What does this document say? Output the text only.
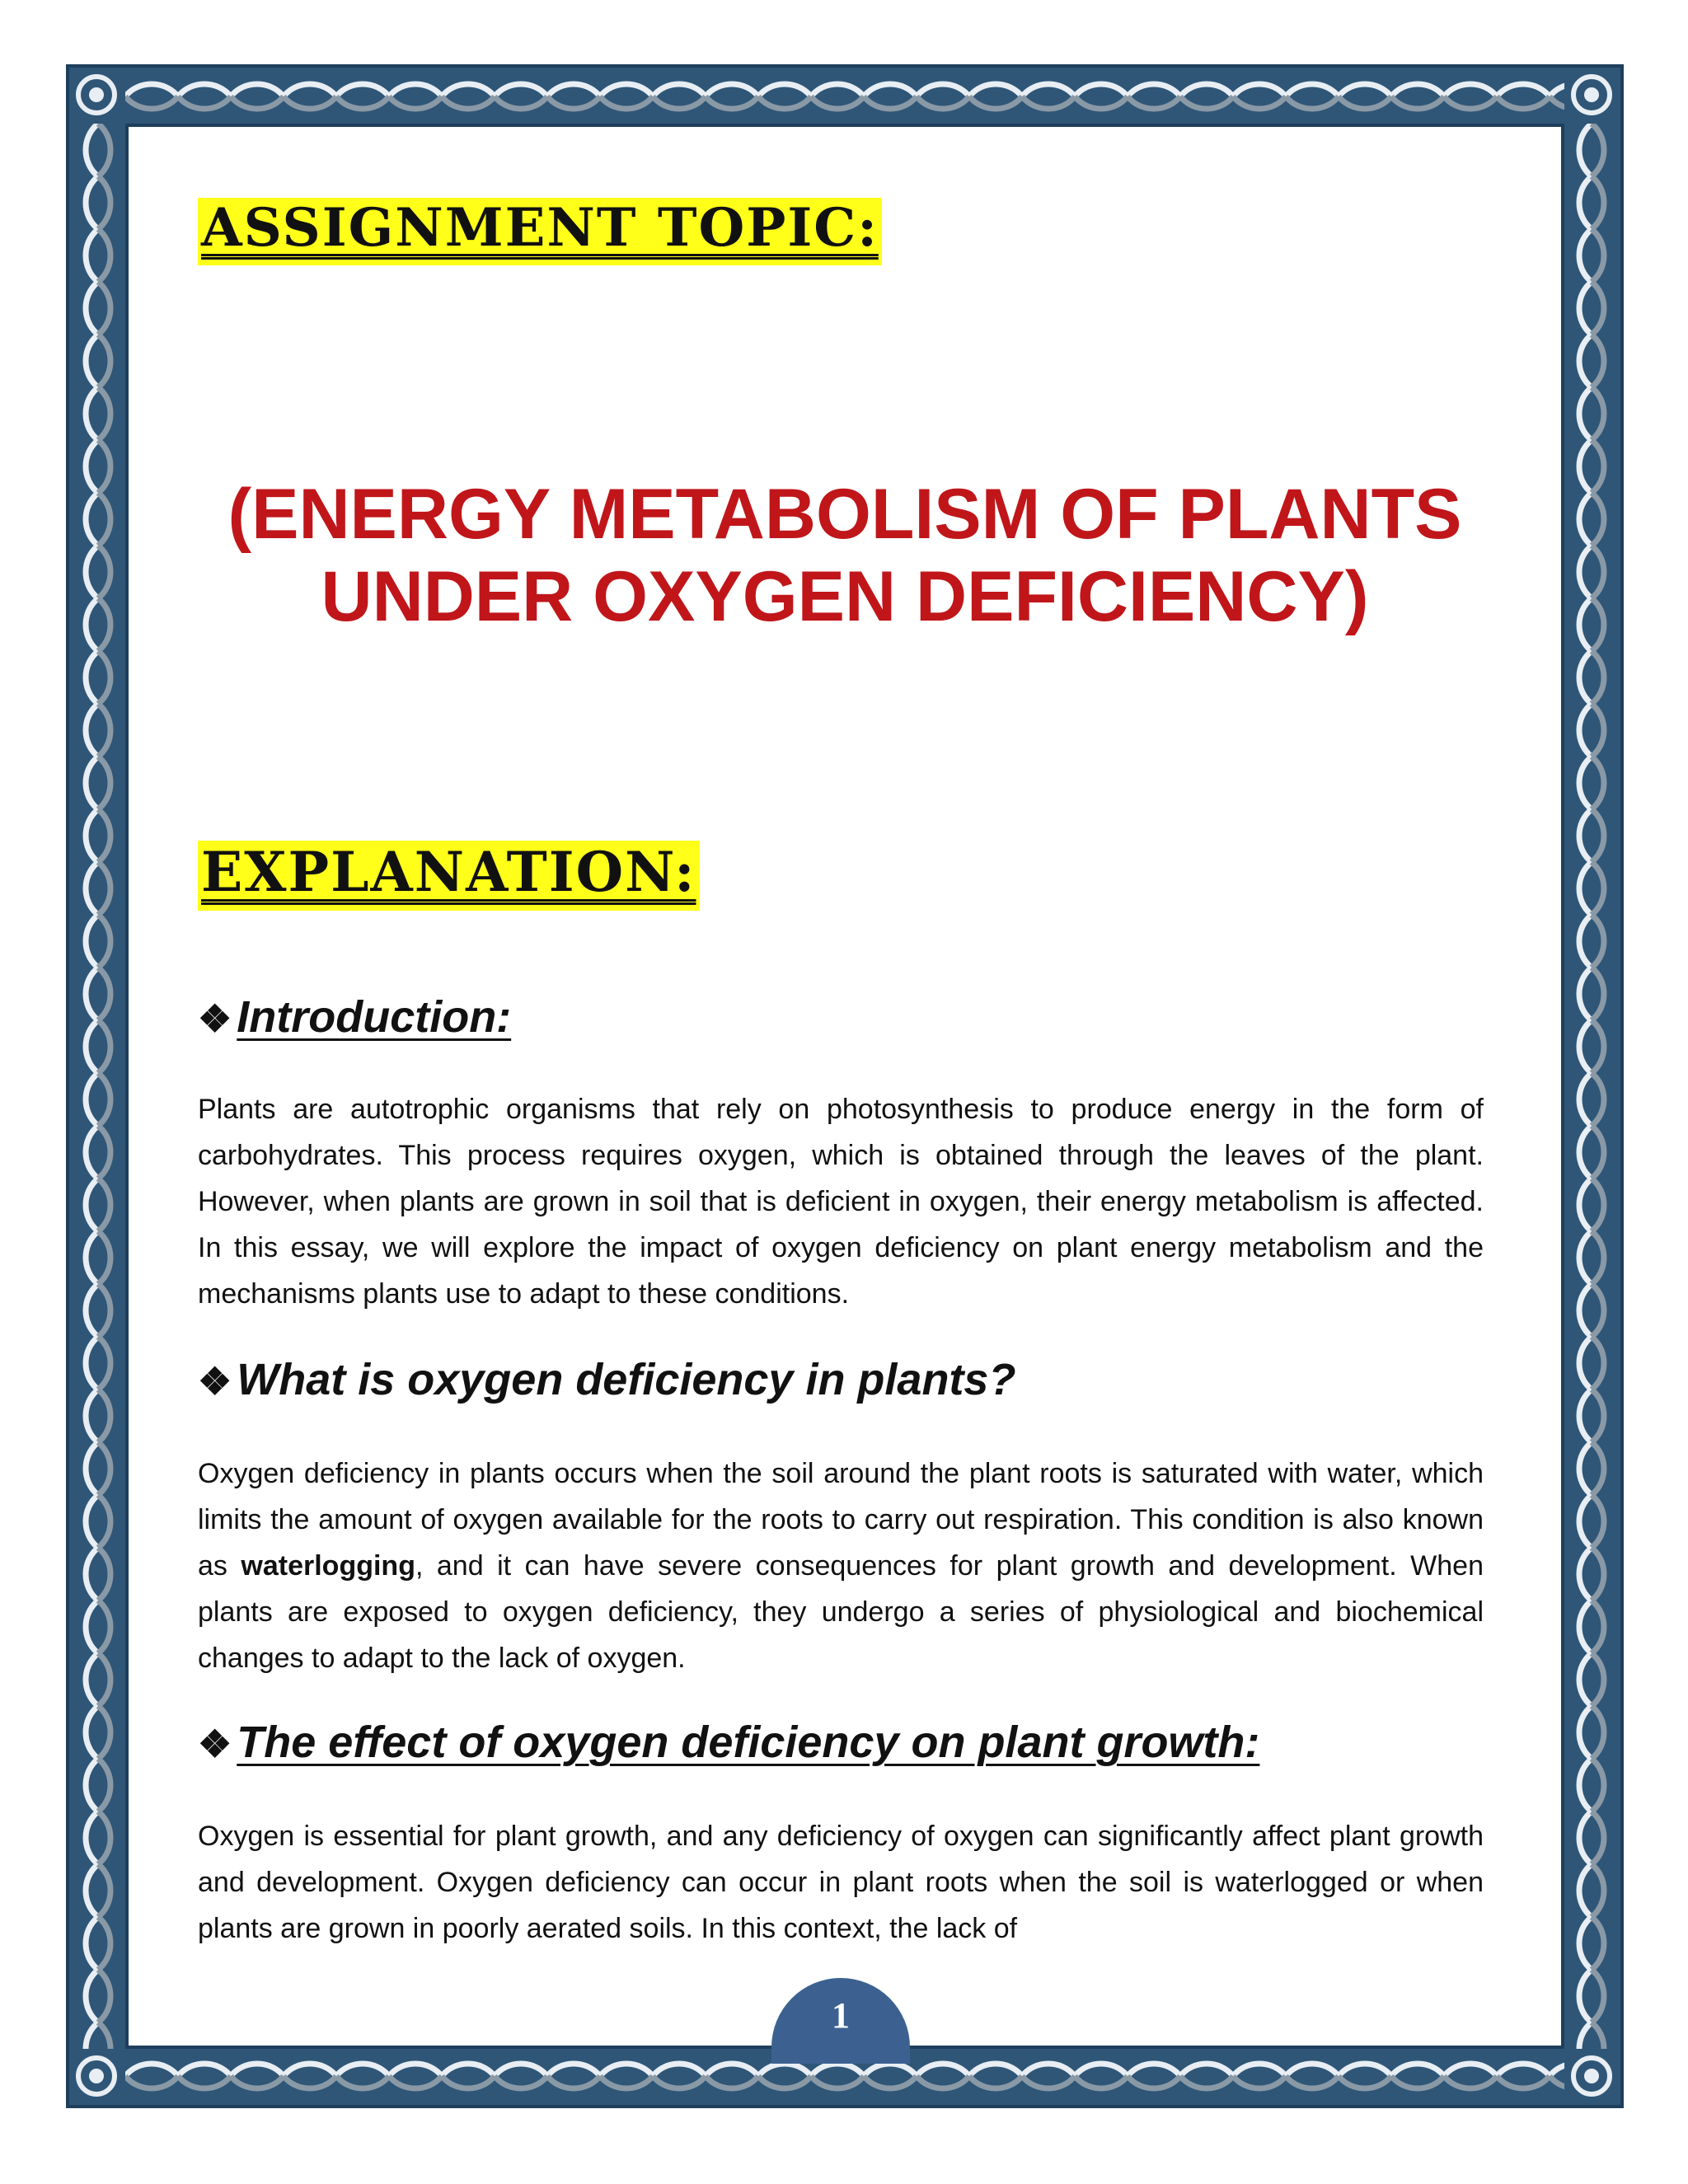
ASSIGNMENT TOPIC:
(ENERGY METABOLISM OF PLANTS
UNDER OXYGEN DEFICIENCY)
EXPLANATION:
❖ Introduction:

Plants are autotrophic organisms that rely on photosynthesis to produce energy in the form of carbohydrates. This process requires oxygen, which is obtained through the leaves of the plant. However, when plants are grown in soil that is deficient in oxygen, their energy metabolism is affected. In this essay, we will explore the impact of oxygen deficiency on plant energy metabolism and the mechanisms plants use to adapt to these conditions.

❖ What is oxygen deficiency in plants?

Oxygen deficiency in plants occurs when the soil around the plant roots is saturated with water, which limits the amount of oxygen available for the roots to carry out respiration. This condition is also known as waterlogging, and it can have severe consequences for plant growth and development. When plants are exposed to oxygen deficiency, they undergo a series of physiological and biochemical changes to adapt to the lack of oxygen.

❖ The effect of oxygen deficiency on plant growth:

Oxygen is essential for plant growth, and any deficiency of oxygen can significantly affect plant growth and development. Oxygen deficiency can occur in plant roots when the soil is waterlogged or when plants are grown in poorly aerated soils. In this context, the lack of

1
